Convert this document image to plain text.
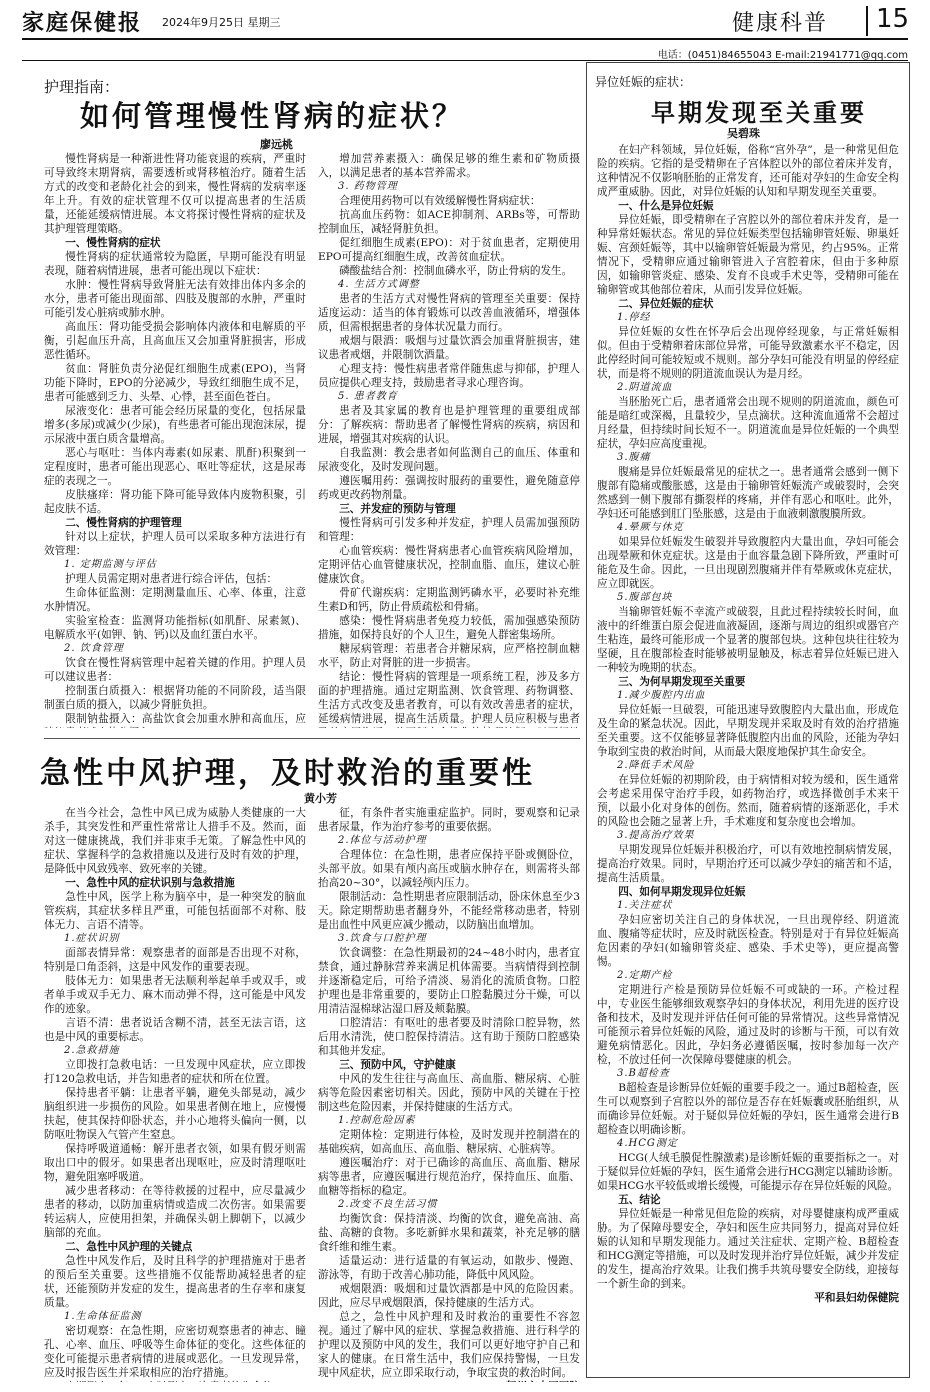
家庭保健报 2024年9月25日 星期三	健康科普 15
电话：(0451)84655043 E-mail:21941771@qq.com
护理指南：
如何管理慢性肾病的症状？
廖远桃

慢性肾病是一种渐进性肾功能衰退的疾病，严重时可导致终末期肾病，需要透析或肾移植治疗。随着生活方式的改变和老龄化社会的到来，慢性肾病的发病率逐年上升。有效的症状管理不仅可以提高患者的生活质量，还能延缓病情进展。本文将探讨慢性肾病的症状及其护理管理策略。

一、慢性肾病的症状

慢性肾病的症状通常较为隐匿，早期可能没有明显表现，随着病情进展，患者可能出现以下症状：

水肿：慢性肾病导致肾脏无法有效排出体内多余的水分，患者可能出现面部、四肢及腹部的水肿，严重时可能引发心脏病或肺水肿。

高血压：肾功能受损会影响体内液体和电解质的平衡，引起血压升高，且高血压又会加重肾脏损害，形成恶性循环。

贫血：肾脏负责分泌促红细胞生成素(EPO)，当肾功能下降时，EPO的分泌减少，导致红细胞生成不足，患者可能感到乏力、头晕、心悸，甚至面色苍白。

尿液变化：患者可能会经历尿量的变化，包括尿量增多(多尿)或减少(少尿)，有些患者可能出现泡沫尿，提示尿液中蛋白质含量增高。

恶心与呕吐：当体内毒素(如尿素、肌酐)积聚到一定程度时，患者可能出现恶心、呕吐等症状，这是尿毒症的表现之一。

皮肤瘙痒：肾功能下降可能导致体内废物积聚，引起皮肤不适。

二、慢性肾病的护理管理

针对以上症状，护理人员可以采取多种方法进行有效管理：

1. 定期监测与评估

护理人员需定期对患者进行综合评估，包括：

生命体征监测：定期测量血压、心率、体重，注意水肿情况。

实验室检查：监测肾功能指标(如肌酐、尿素氮)、电解质水平(如钾、钠、钙)以及血红蛋白水平。

2. 饮食管理

饮食在慢性肾病管理中起着关键的作用。护理人员可以建议患者：

控制蛋白质摄入：根据肾功能的不同阶段，适当限制蛋白质的摄入，以减少肾脏负担。

限制钠盐摄入：高盐饮食会加重水肿和高血压，应

增加营养素摄入：确保足够的维生素和矿物质摄入，以满足患者的基本营养需求。

3. 药物管理

合理使用药物可以有效缓解慢性肾病症状：

抗高血压药物：如ACE抑制剂、ARBs等，可帮助控制血压，减轻肾脏负担。

促红细胞生成素(EPO)：对于贫血患者，定期使用EPO可提高红细胞生成，改善贫血症状。

磷酸盐结合剂：控制血磷水平，防止骨病的发生。

4. 生活方式调整

患者的生活方式对慢性肾病的管理至关重要：保持适度运动：适当的体育锻炼可以改善血液循环，增强体质，但需根据患者的身体状况量力而行。

戒烟与限酒：吸烟与过量饮酒会加重肾脏损害，建议患者戒烟，并限制饮酒量。

心理支持：慢性病患者常伴随焦虑与抑郁，护理人员应提供心理支持，鼓励患者寻求心理咨询。

5. 患者教育

患者及其家属的教育也是护理管理的重要组成部分：了解疾病：帮助患者了解慢性肾病的疾病，病因和进展，增强其对疾病的认识。

自我监测：教会患者如何监测自己的血压、体重和尿液变化，及时发现问题。

遵医嘱用药：强调按时服药的重要性，避免随意停药或更改药物剂量。

三、并发症的预防与管理

慢性肾病可引发多种并发症，护理人员需加强预防和管理：

心血管疾病：慢性肾病患者心血管疾病风险增加，定期评估心血管健康状况，控制血脂、血压，建议心脏健康饮食。

骨矿代谢疾病：定期监测钙磷水平，必要时补充维生素D和钙，防止骨质疏松和骨痛。

感染：慢性肾病患者免疫力较低，需加强感染预防措施，如保持良好的个人卫生，避免人群密集场所。

糖尿病管理：若患者合并糖尿病，应严格控制血糖水平，防止对肾脏的进一步损害。

结论：慢性肾病的管理是一项系统工程，涉及多方面的护理措施。通过定期监测、饮食管理、药物调整、生活方式改变及患者教育，可以有效改善患者的症状，延缓病情进展，提高生活质量。护理人员应积极与患者

急性中风护理，及时救治的重要性
黄小芳

在当今社会，急性中风已成为威胁人类健康的一大杀手，其突发性和严重性常常让人措手不及。然而，面对这一健康挑战，我们并非束手无策。了解急性中风的症状、掌握科学的急救措施以及进行及时有效的护理，是降低中风致残率、致死率的关键。

一、急性中风的症状识别与急救措施

急性中风，医学上称为脑卒中，是一种突发的脑血管疾病，其症状多样且严重，可能包括面部不对称、肢体无力、言语不清等。

1.症状识别

面部表情异常：观察患者的面部是否出现不对称，特别是口角歪斜，这是中风发作的重要表现。

肢体无力：如果患者无法顺利举起单手或双手，或者单手或双手无力、麻木而动弹不得，这可能是中风发作的迹象。

言语不清：患者说话含糊不清，甚至无法言语，这也是中风的重要标志。

2.急救措施

立即拨打急救电话：一旦发现中风症状，应立即拨打120急救电话，并告知患者的症状和所在位置。

保持患者平躺：让患者平躺，避免头部晃动，减少脑组织进一步损伤的风险。如果患者侧在地上，应慢慢扶起，使其保持仰卧状态，并小心地将头偏向一侧，以防呕吐物误入气管产生窒息。

保持呼吸道通畅：解开患者衣领，如果有假牙则需取出口中的假牙。如果患者出现呕吐，应及时清理呕吐物，避免阻塞呼吸道。

减少患者移动：在等待救援的过程中，应尽量减少患者的移动，以防加重病情或造成二次伤害。如果需要转运病人，应使用担架，并确保头朝上脚朝下，以减少脑部的充血。

二、急性中风护理的关键点

急性中风发作后，及时且科学的护理措施对于患者的预后至关重要。这些措施不仅能帮助减轻患者的症状，还能预防并发症的发生，提高患者的生存率和康复质量。

1.生命体征监测

密切观察：在急性期，应密切观察患者的神志、瞳孔、心率、血压、呼吸等生命体征的变化。这些体征的变化可能提示患者病情的进展或恶化。一旦发现异常，应及时报告医生并采取相应的治疗措施。

征，有条件者实施重症监护。同时，要观察和记录患者尿量，作为治疗参考的重要依据。

2.体位与活动护理

合理体位：在急性期，患者应保持平卧或侧卧位，头部平放。如果有颅内高压或脑水肿存在，则需将头部抬高20~30°，以减轻颅内压力。

限制活动：急性期患者应限制活动，卧床休息至少3天。除定期帮助患者翻身外，不能经常移动患者，特别是出血性中风更应减少搬动，以防脑出血增加。

3.饮食与口腔护理

饮食调整：在急性期最初的24~48小时内，患者宜禁食，通过静脉营养来满足机体需要。当病情得到控制并逐渐稳定后，可给予清淡、易消化的流质食物。口腔护理也是非常重要的，要防止口腔黏膜过分干燥，可以用清洁湿棉球沾湿口唇及颊黏膜。

口腔清洁：有呕吐的患者要及时清除口腔异物，然后用水清洗，使口腔保持清洁。这有助于预防口腔感染和其他并发症。

三、预防中风，守护健康

中风的发生往往与高血压、高血脂、糖尿病、心脏病等危险因素密切相关。因此，预防中风的关键在于控制这些危险因素，并保持健康的生活方式。

1.控制危险因素

定期体检：定期进行体检，及时发现并控制潜在的基础疾病，如高血压、高血脂、糖尿病、心脏病等。

遵医嘱治疗：对于已确诊的高血压、高血脂、糖尿病等患者，应遵医嘱进行规范治疗，保持血压、血脂、血糖等指标的稳定。

2.改变不良生活习惯

均衡饮食：保持清淡、均衡的饮食，避免高油、高盐、高糖的食物。多吃新鲜水果和蔬菜，补充足够的膳食纤维和维生素。

适量运动：进行适量的有氧运动，如散步、慢跑、游泳等，有助于改善心肺功能，降低中风风险。

戒烟限酒：吸烟和过量饮酒都是中风的危险因素。因此，应尽早戒烟限酒，保持健康的生活方式。

总之，急性中风护理和及时救治的重要性不容忽视。通过了解中风的症状、掌握急救措施、进行科学的护理以及预防中风的发生，我们可以更好地守护自己和家人的健康。在日常生活中，我们应保持警惕，一旦发现中风症状，应立即采取行动，争取宝贵的救治时间。

异位妊娠的症状：
早期发现至关重要
吴碧珠

在妇产科领域，异位妊娠，俗称“宫外孕”，是一种常见但危险的疾病。它指的是受精卵在子宫体腔以外的部位着床并发育，这种情况不仅影响胚胎的正常发育，还可能对孕妇的生命安全构成严重威胁。因此，对异位妊娠的认知和早期发现至关重要。

一、什么是异位妊娠

异位妊娠，即受精卵在子宫腔以外的部位着床并发育，是一种异常妊娠状态。常见的异位妊娠类型包括输卵管妊娠、卵巢妊娠、宫颈妊娠等，其中以输卵管妊娠最为常见，约占95%。正常情况下，受精卵应通过输卵管进入子宫腔着床，但由于多种原因，如输卵管炎症、感染、发育不良或手术史等，受精卵可能在输卵管或其他部位着床，从而引发异位妊娠。

二、异位妊娠的症状
1.停经

异位妊娠的女性在怀孕后会出现停经现象，与正常妊娠相似。但由于受精卵着床部位异常，可能导致激素水平不稳定，因此停经时间可能较短或不规则。部分孕妇可能没有明显的停经症状，而是将不规则的阴道流血误认为是月经。

2.阴道流血

当胚胎死亡后，患者通常会出现不规则的阴道流血，颜色可能是暗红或深褐，且量较少，呈点滴状。这种流血通常不会超过月经量，但持续时间长短不一。阴道流血是异位妊娠的一个典型症状，孕妇应高度重视。

3.腹痛

腹痛是异位妊娠最常见的症状之一。患者通常会感到一侧下腹部有隐痛或酸胀感，这是由于输卵管妊娠流产或破裂时，会突然感到一侧下腹部有撕裂样的疼痛，并伴有恶心和呕吐。此外，孕妇还可能感到肛门坠胀感，这是由于血液刺激腹膜所致。

4.晕厥与休克

如果异位妊娠发生破裂并导致腹腔内大量出血，孕妇可能会出现晕厥和休克症状。这是由于血容量急剧下降所致，严重时可能危及生命。因此，一旦出现剧烈腹痛并伴有晕厥或休克症状，应立即就医。

5.腹部包块

当输卵管妊娠不幸流产或破裂，且此过程持续较长时间，血液中的纤维蛋白原会促进血液凝固，逐渐与周边的组织或器官产生粘连，最终可能形成一个显著的腹部包块。这种包块往往较为坚硬，且在腹部检查时能够被明显触及，标志着异位妊娠已进入一种较为晚期的状态。

三、为何早期发现至关重要
1.减少腹腔内出血

异位妊娠一旦破裂，可能迅速导致腹腔内大量出血，形成危及生命的紧急状况。因此，早期发现并采取及时有效的治疗措施至关重要。这不仅能够显著降低腹腔内出血的风险，还能为孕妇争取到宝贵的救治时间，从而最大限度地保护其生命安全。

2.降低手术风险

在异位妊娠的初期阶段，由于病情相对较为缓和，医生通常会考虑采用保守治疗手段，如药物治疗，或选择微创手术来干预，以最小化对身体的创伤。然而，随着病情的逐渐恶化，手术的风险也会随之显著上升，手术难度和复杂度也会增加。

3.提高治疗效果

早期发现异位妊娠并积极治疗，可以有效地控制病情发展，提高治疗效果。同时，早期治疗还可以减少孕妇的痛苦和不适，提高生活质量。

四、如何早期发现异位妊娠
1.关注症状

孕妇应密切关注自己的身体状况，一旦出现停经、阴道流血、腹痛等症状时，应及时就医检查。特别是对于有异位妊娠高危因素的孕妇(如输卵管炎症、感染、手术史等)，更应提高警惕。

2.定期产检

定期进行产检是预防异位妊娠不可或缺的一环。产检过程中，专业医生能够细致观察孕妇的身体状况，利用先进的医疗设备和技术，及时发现并评估任何可能的异常情况。这些异常情况可能预示着异位妊娠的风险，通过及时的诊断与干预，可以有效避免病情恶化。因此，孕妇务必遵循医嘱，按时参加每一次产检，不放过任何一次保障母婴健康的机会。

3.B超检查

B超检查是诊断异位妊娠的重要手段之一。通过B超检查，医生可以观察到子宫腔以外的部位是否存在妊娠囊或胚胎组织，从而确诊异位妊娠。对于疑似异位妊娠的孕妇，医生通常会进行B超检查以明确诊断。

4.HCG测定

HCG(人绒毛膜促性腺激素)是诊断妊娠的重要指标之一。对于疑似异位妊娠的孕妇，医生通常会进行HCG测定以辅助诊断。如果HCG水平较低或增长缓慢，可能提示存在异位妊娠的风险。

五、结论

异位妊娠是一种常见但危险的疾病，对母婴健康构成严重威胁。为了保障母婴安全，孕妇和医生应共同努力，提高对异位妊娠的认知和早期发现能力。通过关注症状、定期产检、B超检查和HCG测定等措施，可以及时发现并治疗异位妊娠，减少并发症的发生，提高治疗效果。让我们携手共筑母婴安全防线，迎接每一个新生命的到来。

平和县妇幼保健院
